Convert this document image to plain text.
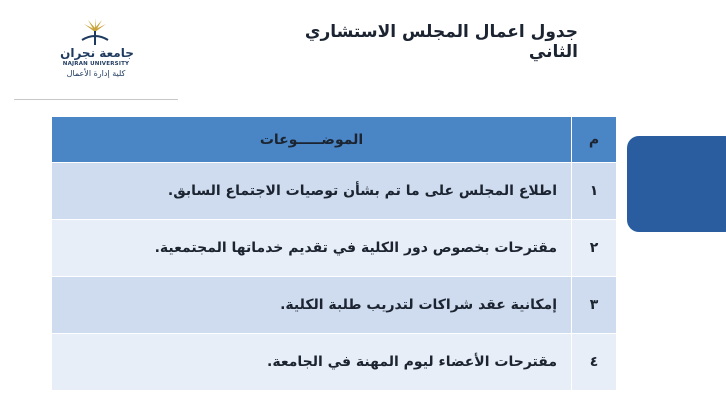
جامعة نجران
NAJRAN UNIVERSITY
كلية إدارة الأعمال
جدول اعمال المجلس الاستشاري الثاني
م	الموضـــــوعات
١	اطلاع المجلس على ما تم بشأن توصيات الاجتماع السابق.
٢	مقترحات بخصوص دور الكلية في تقديم خدماتها المجتمعية.
٣	إمكانية عقد شراكات لتدريب طلبة الكلية.
٤	مقترحات الأعضاء ليوم المهنة في الجامعة.
